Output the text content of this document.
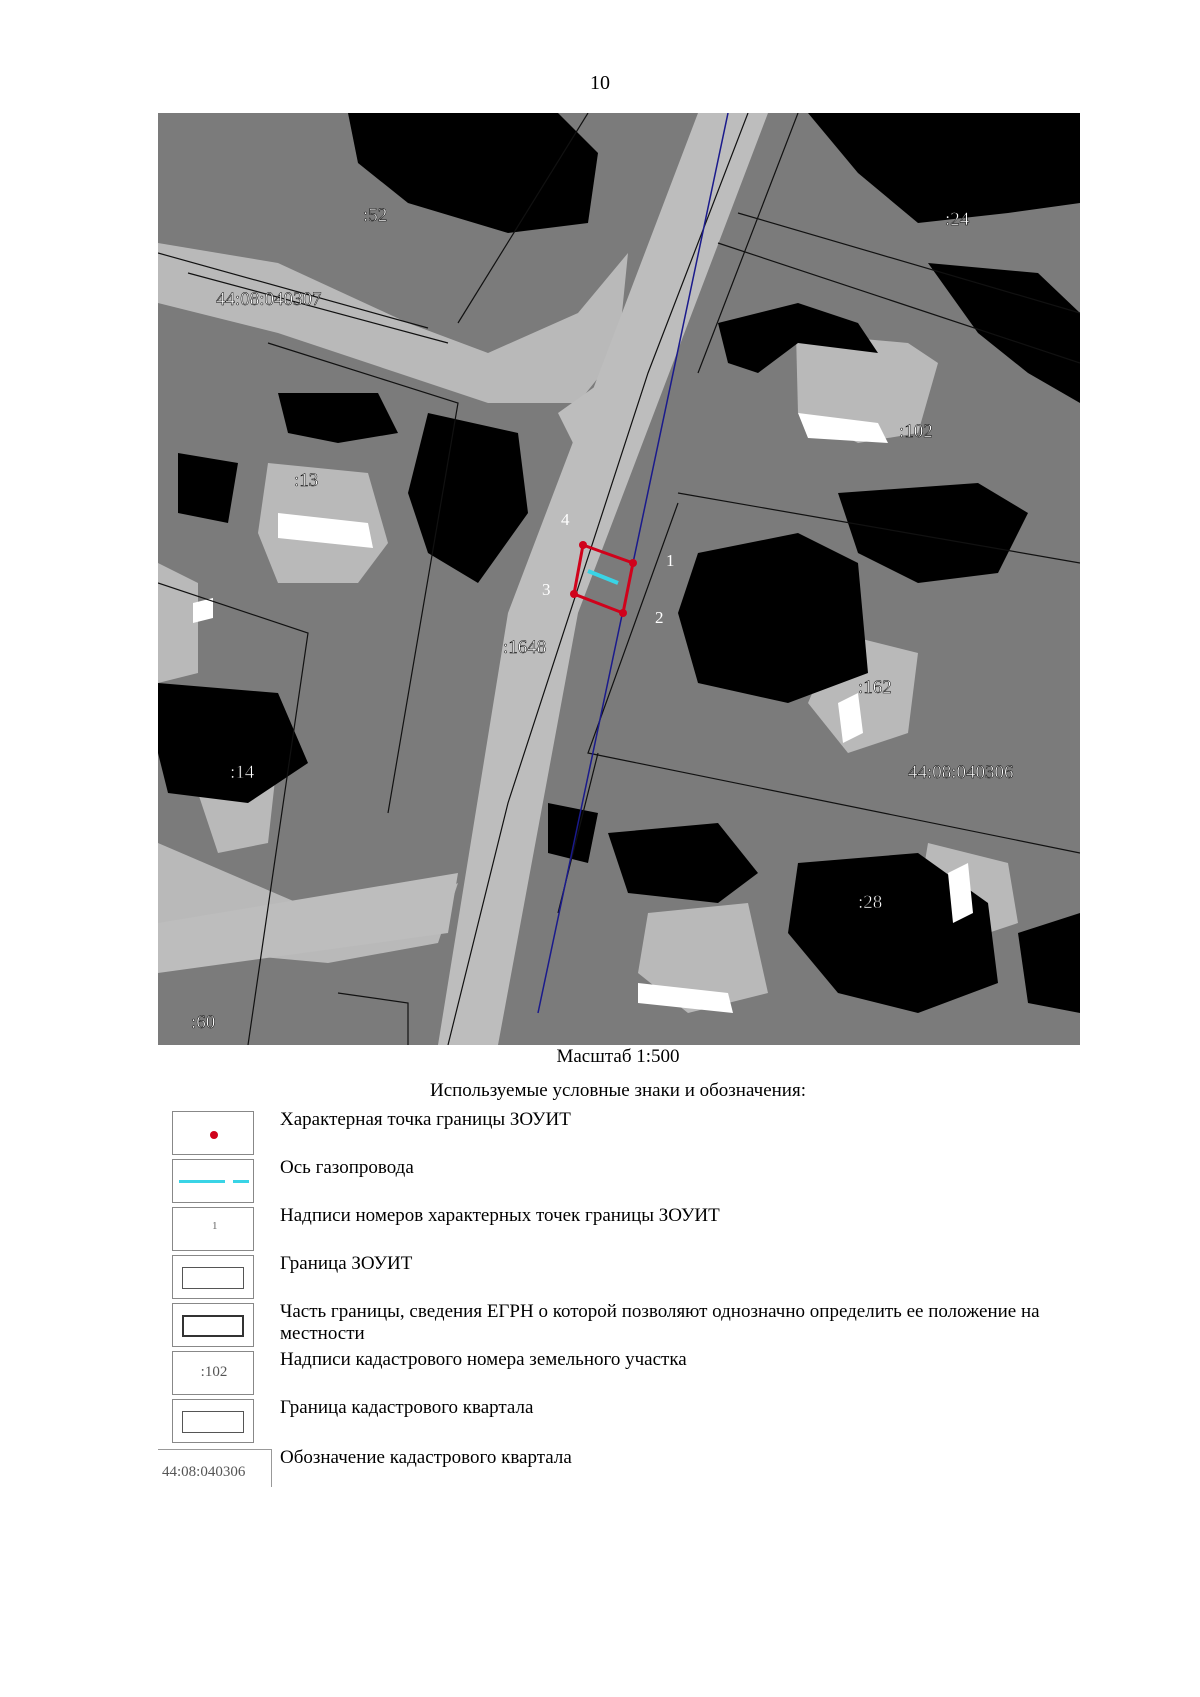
10
4
1
2
3
:52	:24
44:08:040307
:102
:13
:1648
:162
:14	44:08:040306
:28
:60
Масштаб 1:500
Используемые условные знаки и обозначения:
Характерная точка границы ЗОУИТ
Ось газопровода
1	Надписи номеров характерных точек границы ЗОУИТ
Граница ЗОУИТ
Часть границы, сведения ЕГРН о которой позволяют однозначно определить ее положение на местности
:102
Надписи кадастрового номера земельного участка
Граница кадастрового квартала
44:08:040306
Обозначение кадастрового квартала
